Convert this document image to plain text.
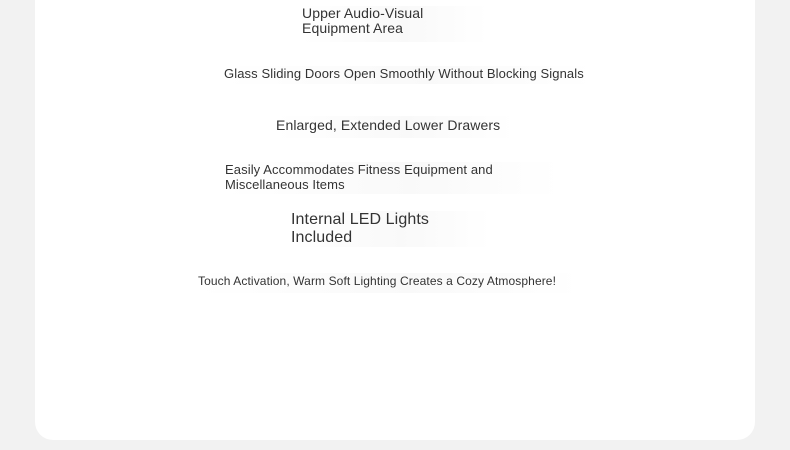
Upper Audio-Visual
Equipment Area
Glass Sliding Doors Open Smoothly Without Blocking Signals
Enlarged, Extended Lower Drawers
Easily Accommodates Fitness Equipment and
Miscellaneous Items
Internal LED Lights
Included
Touch Activation, Warm Soft Lighting Creates a Cozy Atmosphere!
